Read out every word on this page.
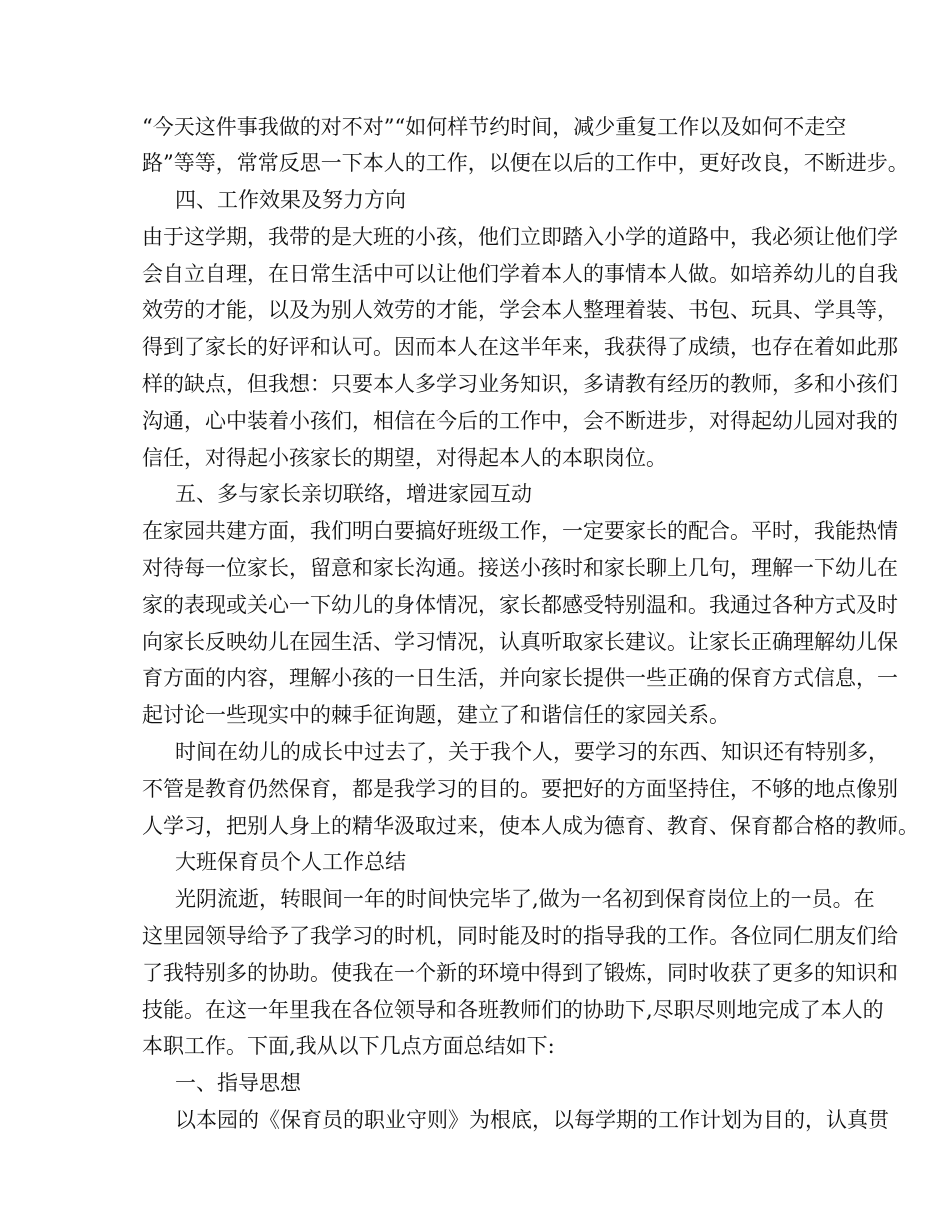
“今天这件事我做的对不对”“如何样节约时间，减少重复工作以及如何不走空
路”等等，常常反思一下本人的工作，以便在以后的工作中，更好改良，不断进步。
四、工作效果及努力方向
由于这学期，我带的是大班的小孩，他们立即踏入小学的道路中，我必须让他们学
会自立自理，在日常生活中可以让他们学着本人的事情本人做。如培养幼儿的自我
效劳的才能，以及为别人效劳的才能，学会本人整理着装、书包、玩具、学具等，
得到了家长的好评和认可。因而本人在这半年来，我获得了成绩，也存在着如此那
样的缺点，但我想：只要本人多学习业务知识，多请教有经历的教师，多和小孩们
沟通，心中装着小孩们，相信在今后的工作中，会不断进步，对得起幼儿园对我的
信任，对得起小孩家长的期望，对得起本人的本职岗位。
五、多与家长亲切联络，增进家园互动
在家园共建方面，我们明白要搞好班级工作，一定要家长的配合。平时，我能热情
对待每一位家长，留意和家长沟通。接送小孩时和家长聊上几句，理解一下幼儿在
家的表现或关心一下幼儿的身体情况，家长都感受特别温和。我通过各种方式及时
向家长反映幼儿在园生活、学习情况，认真听取家长建议。让家长正确理解幼儿保
育方面的内容，理解小孩的一日生活，并向家长提供一些正确的保育方式信息，一
起讨论一些现实中的棘手征询题，建立了和谐信任的家园关系。
时间在幼儿的成长中过去了，关于我个人，要学习的东西、知识还有特别多，
不管是教育仍然保育，都是我学习的目的。要把好的方面坚持住，不够的地点像别
人学习，把别人身上的精华汲取过来，使本人成为德育、教育、保育都合格的教师。
大班保育员个人工作总结
光阴流逝，转眼间一年的时间快完毕了,做为一名初到保育岗位上的一员。在
这里园领导给予了我学习的时机，同时能及时的指导我的工作。各位同仁朋友们给
了我特别多的协助。使我在一个新的环境中得到了锻炼，同时收获了更多的知识和
技能。在这一年里我在各位领导和各班教师们的协助下,尽职尽则地完成了本人的
本职工作。下面,我从以下几点方面总结如下:
一、指导思想
以本园的《保育员的职业守则》为根底，以每学期的工作计划为目的，认真贯
